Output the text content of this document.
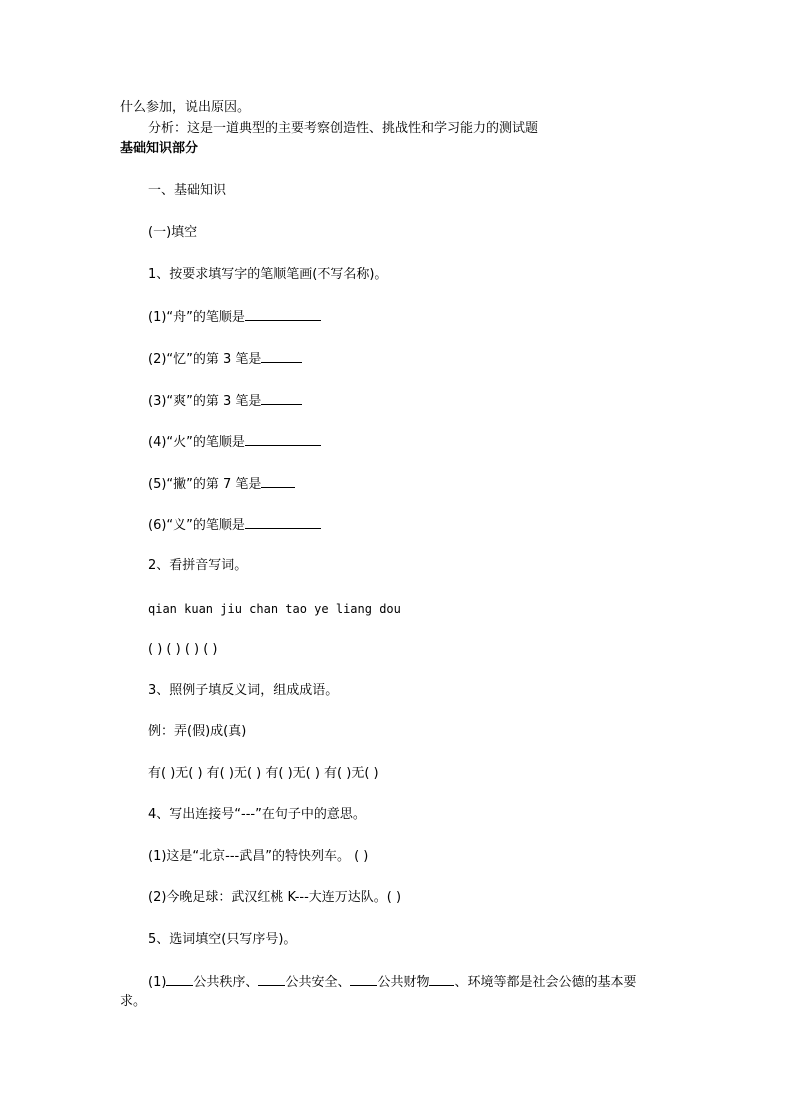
什么参加，说出原因。
分析：这是一道典型的主要考察创造性、挑战性和学习能力的测试题
基础知识部分
一、基础知识
(一)填空
1、按要求填写字的笔顺笔画(不写名称)。
(1)“舟”的笔顺是
(2)“忆”的第 3 笔是
(3)“爽”的第 3 笔是
(4)“火”的笔顺是
(5)“撇”的第 7 笔是
(6)“义”的笔顺是
2、看拼音写词。
qian kuan jiu chan tao ye liang dou
( ) ( ) ( ) ( )
3、照例子填反义词，组成成语。
例：弄(假)成(真)
有( )无( ) 有( )无( ) 有( )无( ) 有( )无( )
4、写出连接号“---”在句子中的意思。
(1)这是“北京---武昌”的特快列车。 ( )
(2)今晚足球：武汉红桃 K---大连万达队。( )
5、选词填空(只写序号)。
(1) 公共秩序、 公共安全、 公共财物 、环境等都是社会公德的基本要
求。
